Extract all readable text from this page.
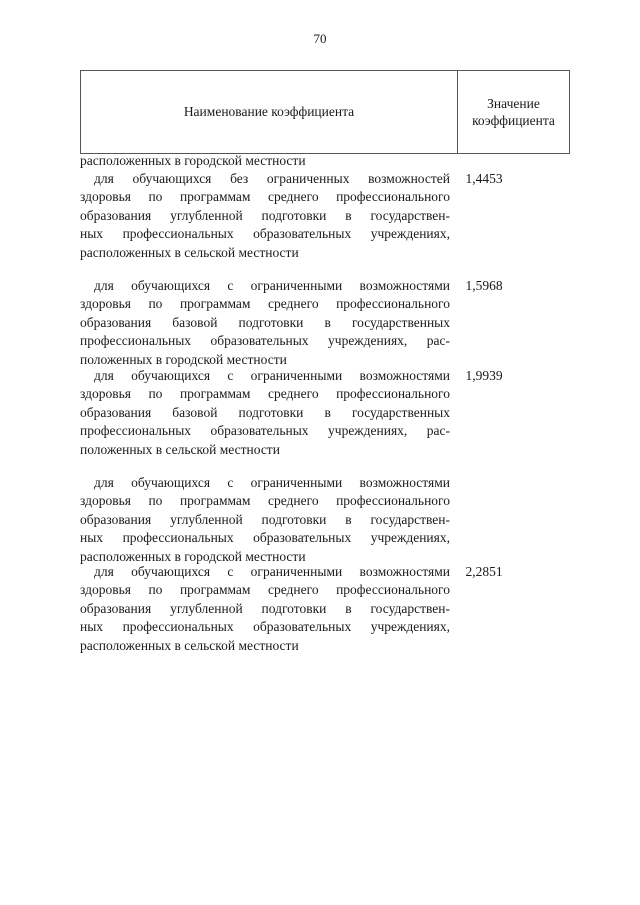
70
Наименование коэффициента
Значение
коэффициента
расположенных в городской местности
для обучающихся без ограниченных возможностей
здоровья по программам среднего профессионального
образования углубленной подготовки в государствен-
ных профессиональных образовательных учреждениях,
расположенных в сельской местности
1,4453
для обучающихся с ограниченными возможностями
здоровья по программам среднего профессионального
образования базовой подготовки в государственных
профессиональных образовательных учреждениях, рас-
положенных в городской местности
1,5968
для обучающихся с ограниченными возможностями
здоровья по программам среднего профессионального
образования базовой подготовки в государственных
профессиональных образовательных учреждениях, рас-
положенных в сельской местности
1,9939
для обучающихся с ограниченными возможностями
здоровья по программам среднего профессионального
образования углубленной подготовки в государствен-
ных профессиональных образовательных учреждениях,
расположенных в городской местности
для обучающихся с ограниченными возможностями
здоровья по программам среднего профессионального
образования углубленной подготовки в государствен-
ных профессиональных образовательных учреждениях,
расположенных в сельской местности
2,2851
